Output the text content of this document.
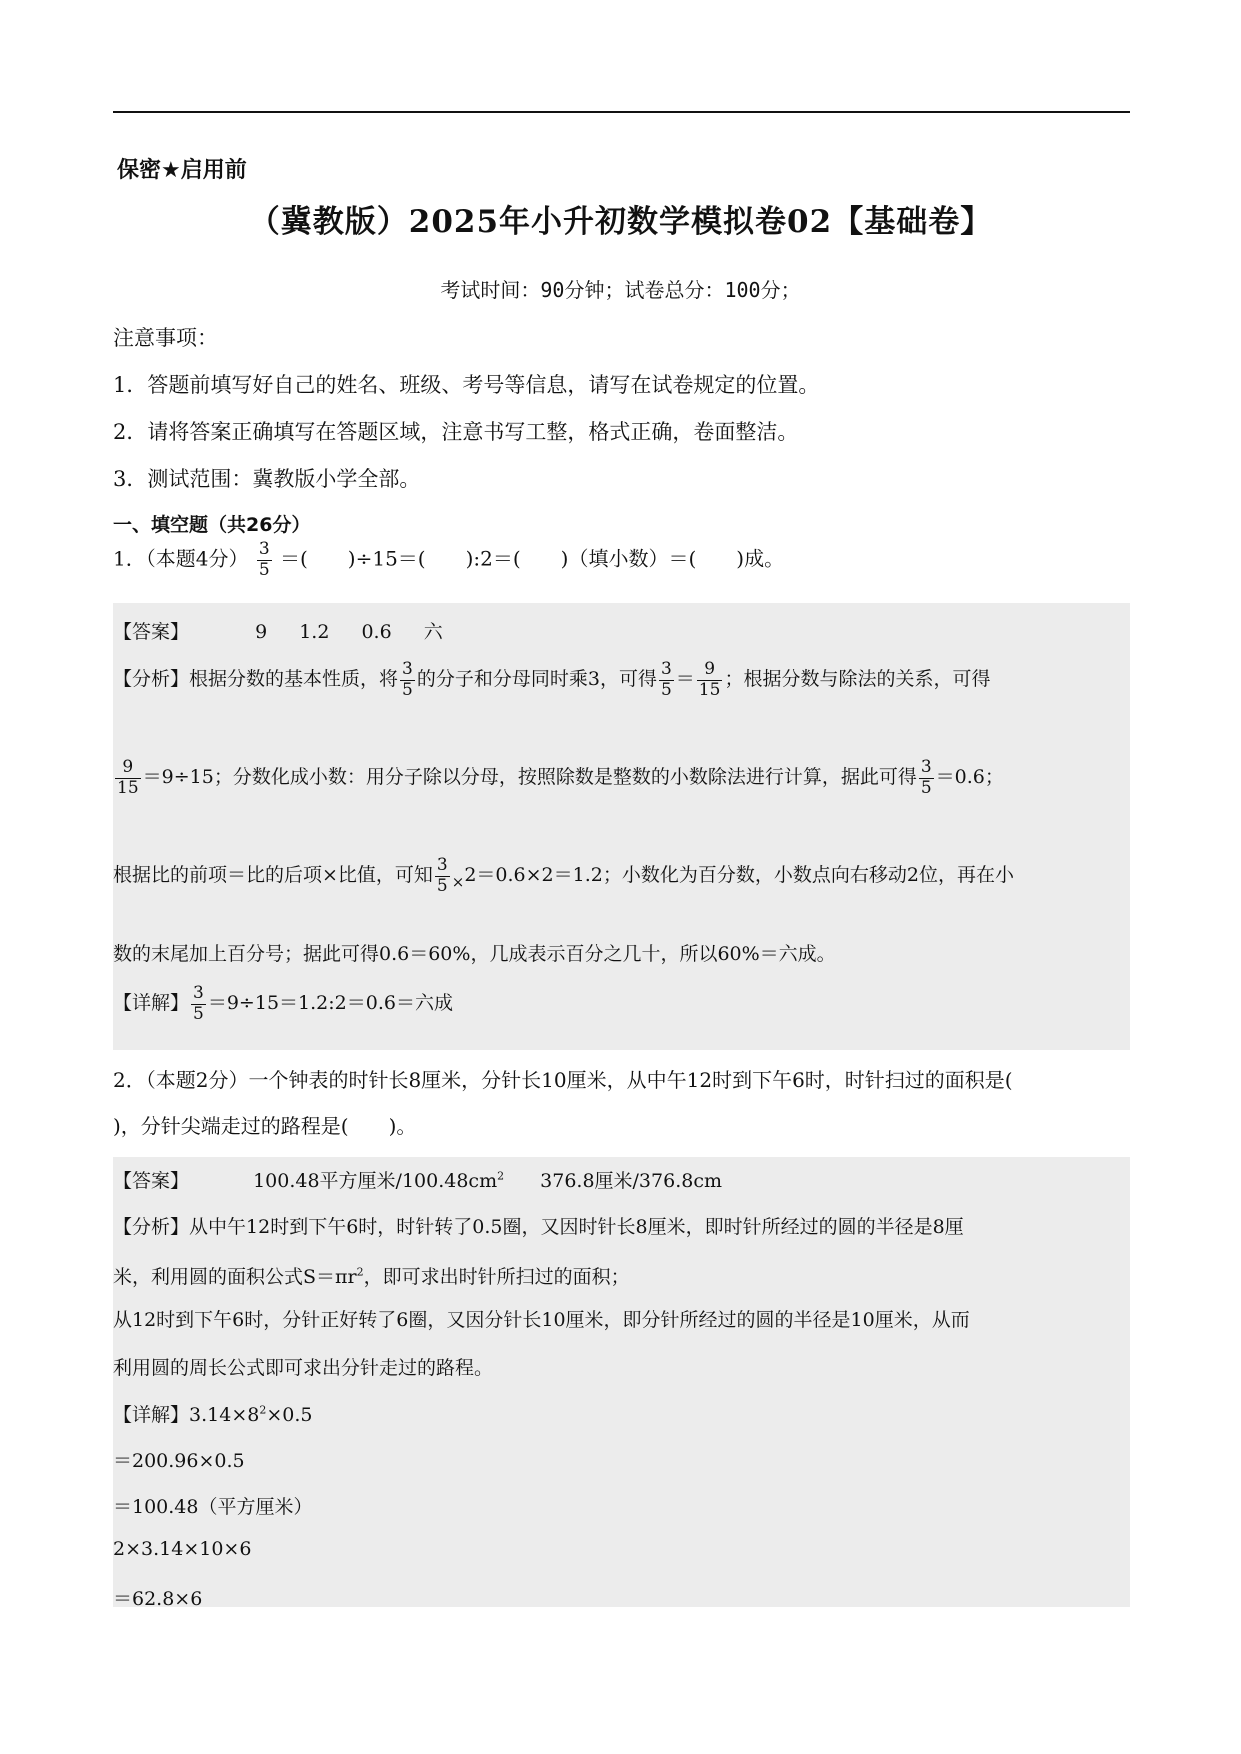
保密★启用前
（冀教版）2025年小升初数学模拟卷02【基础卷】
考试时间：90分钟；试卷总分：100分；
注意事项：
1．答题前填写好自己的姓名、班级、考号等信息，请写在试卷规定的位置。
2．请将答案正确填写在答题区域，注意书写工整，格式正确，卷面整洁。
3．测试范围：冀教版小学全部。
一、填空题（共26分）
1．（本题4分） $\frac{3}{5}$ ＝(　　)÷15＝(　　):2＝(　　)（填小数）＝(　　)成。
【答案】	9 1.2 0.6 六
【分析】根据分数的基本性质，将 $\frac{3}{5}$ 的分子和分母同时乘3，可得 $\frac{3}{5} = \frac{9}{15}$ ；根据分数与除法的关系，可得
$\frac{9}{15} =9\div 15$；分数化成小数：用分子除以分母，按照除数是整数的小数除法进行计算，据此可得 $\frac{3}{5} =0.6$；
根据比的前项＝比的后项×比值，可知 $\frac{3}{5} _\times 2=0.6\times 2=1.2$；小数化为百分数，小数点向右移动2位，再在小
数的末尾加上百分号；据此可得0.6＝60%，几成表示百分之几十，所以60%＝六成。
【详解】 $\frac{3}{5}$ ＝9÷15＝1.2:2＝0.6＝六成
2．（本题2分）一个钟表的时针长8厘米，分针长10厘米，从中午12时到下午6时，时针扫过的面积是(
)，分针尖端走过的路程是(　　)。
【答案】	100.48平方厘米$/100.48cm^2$ 376.8厘米/376.8cm
【分析】从中午12时到下午6时，时针转了0.5圈，又因时针长8厘米，即时针所经过的圆的半径是8厘
米，利用圆的面积公式$S=\pi r^2$，即可求出时针所扫过的面积；
从12时到下午6时，分针正好转了6圈，又因分针长10厘米，即分针所经过的圆的半径是10厘米，从而
利用圆的周长公式即可求出分针走过的路程。
【详解】$3.14\times 8^2\times 0.5$
＝200.96×0.5
＝100.48（平方厘米）
2×3.14×10×6
＝62.8×6
